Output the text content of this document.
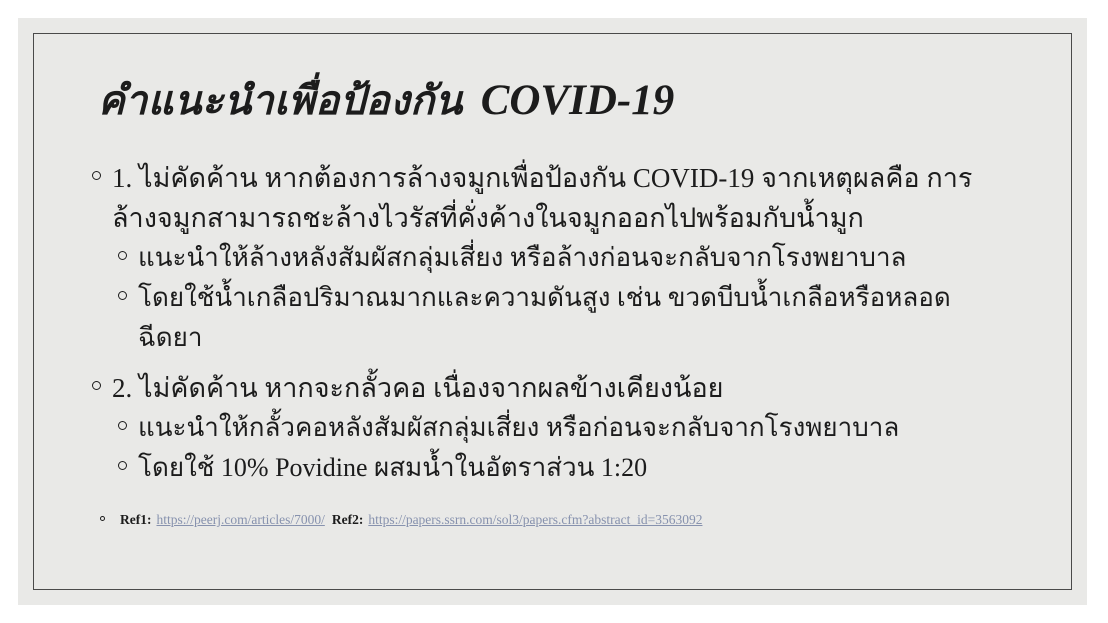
คำแนะนำเพื่อป้องกัน COVID-19
1. ไม่คัดค้าน หากต้องการล้างจมูกเพื่อป้องกัน COVID-19 จากเหตุผลคือ การล้างจมูก​สามารถชะล้าง​ไวรัสที่คั่งค้าง​ในจมูกออกไป​พร้อมกับน้ำมูก
แนะนำให้ล้างหลังสัมผัสกลุ่มเสี่ยง หรือล้างก่อนจะกลับจากโรงพยาบาล
โดยใช้น้ำเกลือปริมาณมากและความดันสูง เช่น ขวดบีบน้ำเกลือหรือหลอดฉีดยา
2. ไม่คัดค้าน หากจะกลั้วคอ เนื่องจากผลข้างเคียงน้อย
แนะนำให้กลั้วคอหลังสัมผัสกลุ่มเสี่ยง หรือก่อนจะกลับจากโรงพยาบาล
โดยใช้ 10% Povidine ผสมน้ำในอัตราส่วน 1:20
Ref1: https://peerj.com/articles/7000/ Ref2: https://papers.ssrn.com/sol3/papers.cfm?abstract_id=3563092
